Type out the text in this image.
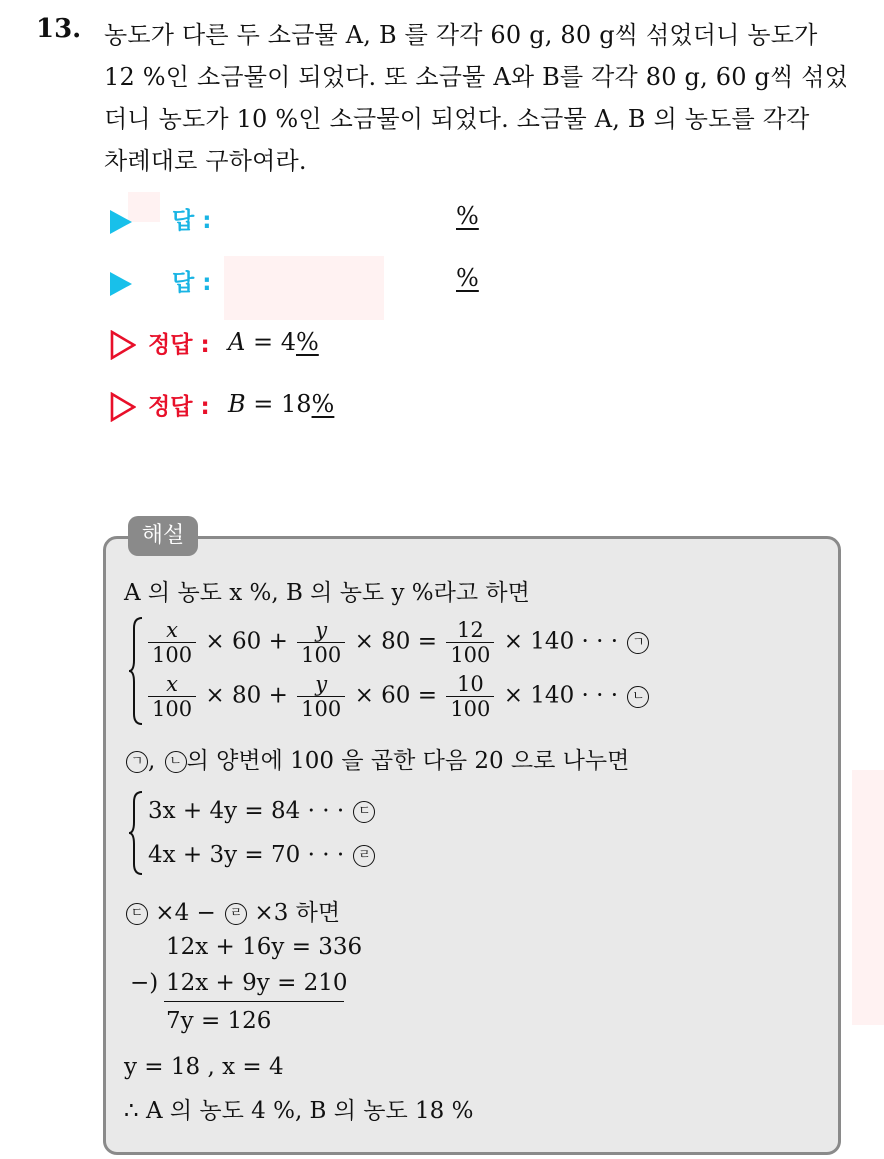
13. 농도가 다른 두 소금물 A, B 를 각각 60 g, 80 g씩 섞었더니 농도가
12 %인 소금물이 되었다. 또 소금물 A와 B를 각각 80 g, 60 g씩 섞었
더니 농도가 10 %인 소금물이 되었다. 소금물 A, B 의 농도를 각각
차례대로 구하여라.
답 :	%
답 :	%
정답 : A = 4%
정답 : B = 18%
해설
A 의 농도 x %, B 의 농도 y %라고 하면
$\frac{x}{100} \times 60 + \frac{y}{100} \times 80 = \frac{12}{100} \times 140$ · · · ㄱ
$\frac{x}{100} \times 80 + \frac{y}{100} \times 60 = \frac{10}{100} \times 140$ · · · ㄴ
ㄱ , ㄴ 의 양변에 100 을 곱한 다음 20 으로 나누면
3x + 4y = 84 · · · ㄷ
4x + 3y = 70 · · · ㄹ
ㄷ ×4 − ㄹ ×3 하면
12x + 16y = 336
−) 12x + 9y = 210
7y = 126
y = 18 , x = 4
∴ A 의 농도 4 %, B 의 농도 18 %
